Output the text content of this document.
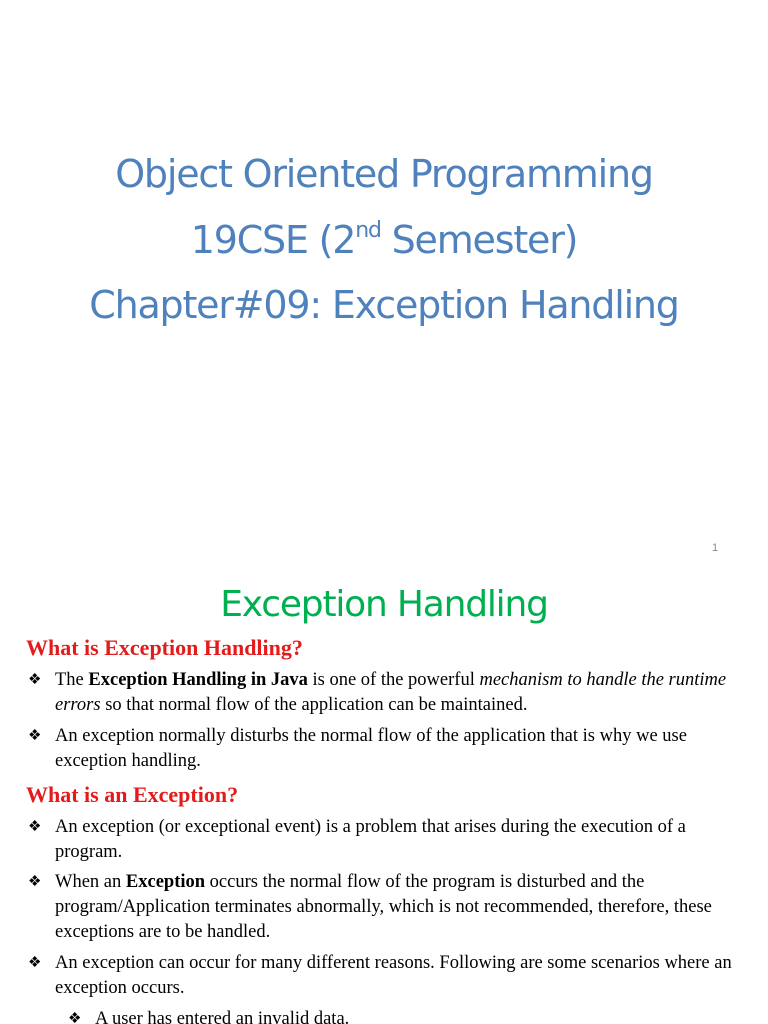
Object Oriented Programming
19CSE (2nd Semester)
Chapter#09: Exception Handling
1
Exception Handling
What is Exception Handling?
❖ The Exception Handling in Java is one of the powerful mechanism to handle the runtime errors so that normal flow of the application can be maintained.
❖ An exception normally disturbs the normal flow of the application that is why we use exception handling.
What is an Exception?
❖ An exception (or exceptional event) is a problem that arises during the execution of a program.
❖ When an Exception occurs the normal flow of the program is disturbed and the program/Application terminates abnormally, which is not recommended, therefore, these exceptions are to be handled.
❖ An exception can occur for many different reasons. Following are some scenarios where an exception occurs.
❖ A user has entered an invalid data.
